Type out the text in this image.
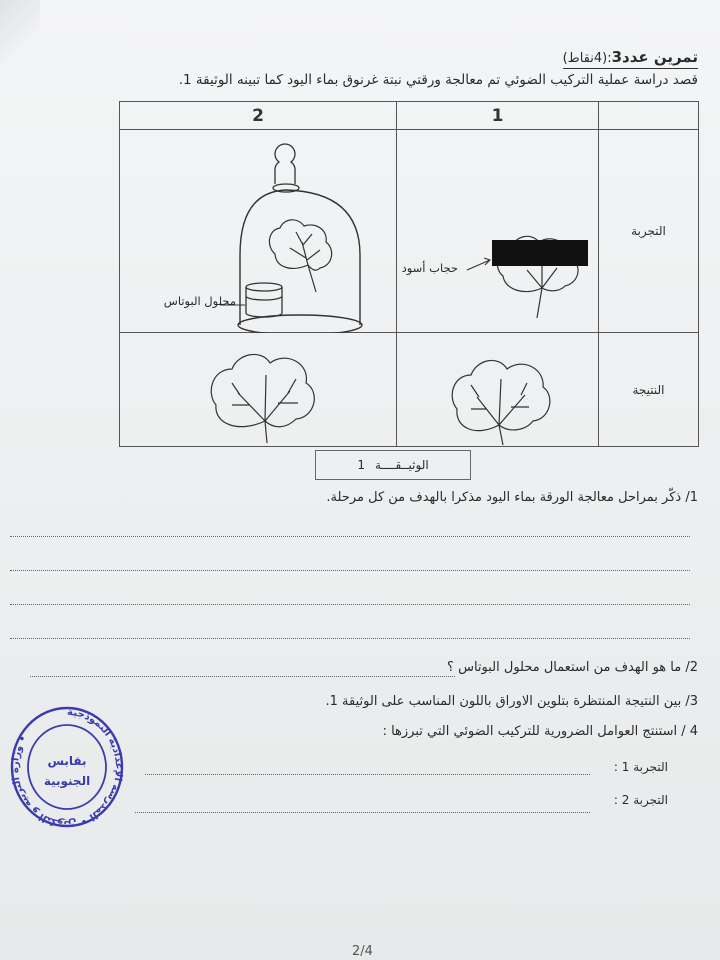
تمرين عدد3:(4نقاط)
قصد دراسة عملية التركيب الضوئي تم معالجة ورقتي نبتة غرنوق بماء اليود كما تبينه الوثيقة 1.
2	1	

محلول البوتاس	حجاب أسود	التجربة

	النتيجة
الوثيــقــــة
1
1/ ذكّر بمراحل معالجة الورقة بماء اليود مذكرا بالهدف من كل مرحلة.
2/ ما هو الهدف من استعمال محلول البوتاس ؟
3/ بين النتيجة المنتظرة بتلوين الاوراق باللون المناسب على الوثيقة 1.
4 / استنتج العوامل الضرورية للتركيب الضوئي التي تبرزها :
التجربة 1 :
التجربة 2 :
وزارة التربية و التكوين • المدرسة الإعدادية النموذجية •
بقابس
الجنوبية
2/4
